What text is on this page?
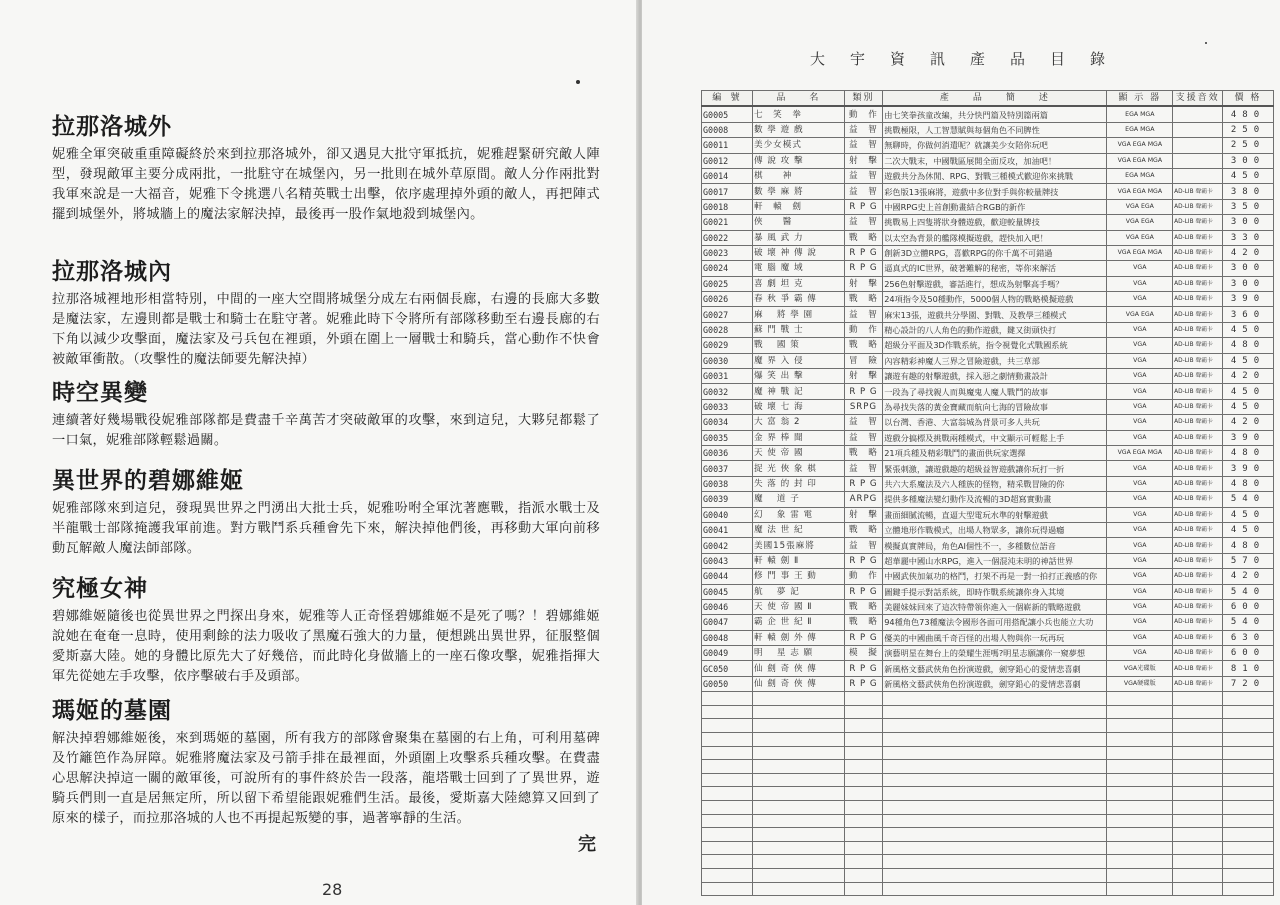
拉那洛城外

妮雅全軍突破重重障礙終於來到拉那洛城外，卻又遇見大批守軍抵抗，妮雅趕緊研究敵人陣型，發現敵軍主要分成兩批，一批駐守在城堡內，另一批則在城外草原間。敵人分作兩批對我軍來說是一大福音，妮雅下令挑選八名精英戰士出擊，依序處理掉外頭的敵人，再把陣式擺到城堡外，將城牆上的魔法家解決掉，最後再一股作氣地殺到城堡內。

拉那洛城內

拉那洛城裡地形相當特別，中間的一座大空間將城堡分成左右兩個長廊，右邊的長廊大多數是魔法家，左邊則都是戰士和騎士在駐守著。妮雅此時下令將所有部隊移動至右邊長廊的右下角以減少攻擊面，魔法家及弓兵包在裡頭，外頭在圍上一層戰士和騎兵，當心動作不快會被敵軍衝散。（攻擊性的魔法師要先解決掉）

時空異變

連續著好幾場戰役妮雅部隊都是費盡千辛萬苦才突破敵軍的攻擊，來到這兒，大夥兒都鬆了一口氣，妮雅部隊輕鬆過關。

異世界的碧娜維姬

妮雅部隊來到這兒，發現異世界之門湧出大批士兵，妮雅吩咐全軍沈著應戰，指派水戰士及半龍戰士部隊掩護我軍前進。對方戰鬥系兵種會先下來，解決掉他們後，再移動大軍向前移動瓦解敵人魔法師部隊。

究極女神

碧娜維姬隨後也從異世界之門探出身來，妮雅等人正奇怪碧娜維姬不是死了嗎？！碧娜維姬說她在奄奄一息時，使用剩餘的法力吸收了黑魔石強大的力量，便想跳出異世界，征服整個愛斯嘉大陸。她的身體比原先大了好幾倍，而此時化身做牆上的一座石像攻擊，妮雅指揮大軍先從她左手攻擊，依序擊破右手及頭部。

瑪姬的墓園

解決掉碧娜維姬後，來到瑪姬的墓園，所有我方的部隊會聚集在墓園的右上角，可利用墓碑及竹籬笆作為屏障。妮雅將魔法家及弓箭手排在最裡面，外頭圍上攻擊系兵種攻擊。在費盡心思解決掉這一關的敵軍後，可說所有的事件終於告一段落，龍塔戰士回到了了異世界，遊騎兵們則一直是居無定所，所以留下希望能跟妮雅們生活。最後，愛斯嘉大陸總算又回到了原來的樣子，而拉那洛城的人也不再提起叛變的事，過著寧靜的生活。

完
28
大宇資訊產品目錄
編 號	品　　名	類別	產　　品　　簡　　述	顯 示 器	支援音效	價 格
G0005	七　笑　拳	動　作	由七笑拳孩童改編，共分快門篇及特別篇兩篇	EGA MGA		480
G0008	數 學 遊 戲	益　智	挑戰極限，人工智慧賦與每個角色不同脾性	EGA MGA		250
G0011	美少女模式	益　智	無聊時，你做何消遣呢？就讓美少女陪你玩吧	VGA EGA MGA		250
G0012	傳 說 攻 擊	射　擊	二次大戰末，中國戰區展開全面反攻，加油吧！	VGA EGA MGA		300
G0014	棋　　神	益　智	遊戲共分為休閒、RPG、對戰三種模式歡迎你來挑戰	EGA MGA		450
G0017	數 學 麻 將	益　智	彩色版13張麻將，遊戲中多位對手與你較量牌技	VGA EGA MGA	AD-LIB 聲霸卡	380
G0018	軒　轅　劍	R P G	中國RPG史上首創動畫結合RGB的新作	VGA EGA	AD-LIB 聲霸卡	350
G0021	俠　　醫	益　智	挑戰易上四隻將狀身體遊戲，歡迎較量牌技	VGA EGA	AD-LIB 聲霸卡	300
G0022	暴 風 武 力	戰　略	以太空為背景的艦隊模擬遊戲，趕快加入吧！	VGA EGA	AD-LIB 聲霸卡	330
G0023	破 壞 神 傳 說	R P G	創新3D立體RPG，喜歡RPG的你千萬不可錯過	VGA EGA MGA	AD-LIB 聲霸卡	420
G0024	電 腦 魔 域	R P G	逼真式的IC世界，破著難解的秘密，等你來解活	VGA	AD-LIB 聲霸卡	300
G0025	喜 劇 坦 克	射　擊	256色射擊遊戲，審話進行，想成為射擊高手嗎？	VGA	AD-LIB 聲霸卡	300
G0026	春 秋 爭 霸 傳	戰　略	24項指令及50種動作，5000個人物的戰略模擬遊戲	VGA	AD-LIB 聲霸卡	390
G0027	麻 　將 學 園	益　智	麻宋13張，遊戲共分學園、對戰、及教學三種模式	VGA EGA	AD-LIB 聲霸卡	360
G0028	蘇 門 戰 士	動　作	精心設計的八人角色的動作遊戲，鍵又街頭快打	VGA	AD-LIB 聲霸卡	450
G0029	戰 　國 策	戰　略	超級分平面及3D作戰系統，指令視覺化式戰國系統	VGA	AD-LIB 聲霸卡	480
G0030	魔 界 入 侵	冒　險	內容精彩神魔人三界之冒險遊戲，共三草部	VGA	AD-LIB 聲霸卡	450
G0031	爆 笑 出 擊	射　擊	讓遊有趣的射擊遊戲，採入惡之劇情動畫設計	VGA	AD-LIB 聲霸卡	420
G0032	魔 神 戰 記	R P G	一段為了尋找親人而與魔鬼人魔人戰鬥的故事	VGA	AD-LIB 聲霸卡	450
G0033	破 壞 七 海	SRPG	為尋找失落的黃金寶藏而航向七海的冒險故事	VGA	AD-LIB 聲霸卡	450
G0034	大 富 翁 2	益　智	以台灣、香港、大富翁城為背景可多人共玩	VGA	AD-LIB 聲霸卡	420
G0035	金 界 棒 聞	益　智	遊戲分搞標及挑戰兩種模式，中文顯示可輕鬆上手	VGA	AD-LIB 聲霸卡	390
G0036	天 使 帝 國	戰　略	21項兵種及精彩戰鬥的畫面供玩家選擇	VGA EGA MGA	AD-LIB 聲霸卡	480
G0037	捉 光 俠 象 棋	益　智	緊張刺激，讓遊戲趣的超級益智遊戲讓你玩打一折	VGA	AD-LIB 聲霸卡	390
G0038	失 落 的 封 印	R P G	共六大系魔法及六人種族的怪物，精采戰冒險的你	VGA	AD-LIB 聲霸卡	480
G0039	魔 　道 子	ARPG	提供多種魔法變幻動作及流暢的3D超寫實動畫	VGA	AD-LIB 聲霸卡	540
G0040	幻 　象 雷 電	射　擊	畫面細膩流暢，直逼大型電玩水準的射擊遊戲	VGA	AD-LIB 聲霸卡	450
G0041	魔 法 世 紀	戰　略	立體地形作戰模式，出場人物眾多，讓你玩得過癮	VGA	AD-LIB 聲霸卡	450
G0042	美國15張麻將	益　智	模擬真實牌局，角色AI個性不一，多種數位語音	VGA	AD-LIB 聲霸卡	480
G0043	軒 轅 劍 Ⅱ	R P G	超華麗中國山水RPG，進入一個混沌未明的神話世界	VGA	AD-LIB 聲霸卡	570
G0044	修 門 事 王 動	動　作	中國武俠加氣功的格鬥，打架不再是一對一拍打正義感的你	VGA	AD-LIB 聲霸卡	420
G0045	航 　夢 記	R P G	圖鍵手提示對話系統，即時作戰系統讓你身入其境	VGA	AD-LIB 聲霸卡	540
G0046	天 使 帝 國 Ⅱ	戰　略	美麗妹妹回來了這次特帶領你進入一個嶄新的戰略遊戲	VGA	AD-LIB 聲霸卡	600
G0047	霸 企 世 紀 Ⅱ	戰　略	94種角色73種魔法令國形各面可用搭配讓小兵也能立大功	VGA	AD-LIB 聲霸卡	540
G0048	軒 轅 劍 外 傳	R P G	優美的中國曲風千奇百怪的出場人物與你一玩再玩	VGA	AD-LIB 聲霸卡	630
G0049	明 　星 志 願	模　擬	演藝明星在舞台上的榮耀生涯嗎?明星志願讓你一窺夢想	VGA	AD-LIB 聲霸卡	600
GC050	仙 劍 奇 俠 傳	R P G	新風格文藝武俠角色扮演遊戲，劍穿鉛心的愛情悲喜劇	VGA光碟版	AD-LIB 聲霸卡	810
G0050	仙 劍 奇 俠 傳	R P G	新風格文藝武俠角色扮演遊戲，劍穿鉛心的愛情悲喜劇	VGA硬碟版	AD-LIB 聲霸卡	720
